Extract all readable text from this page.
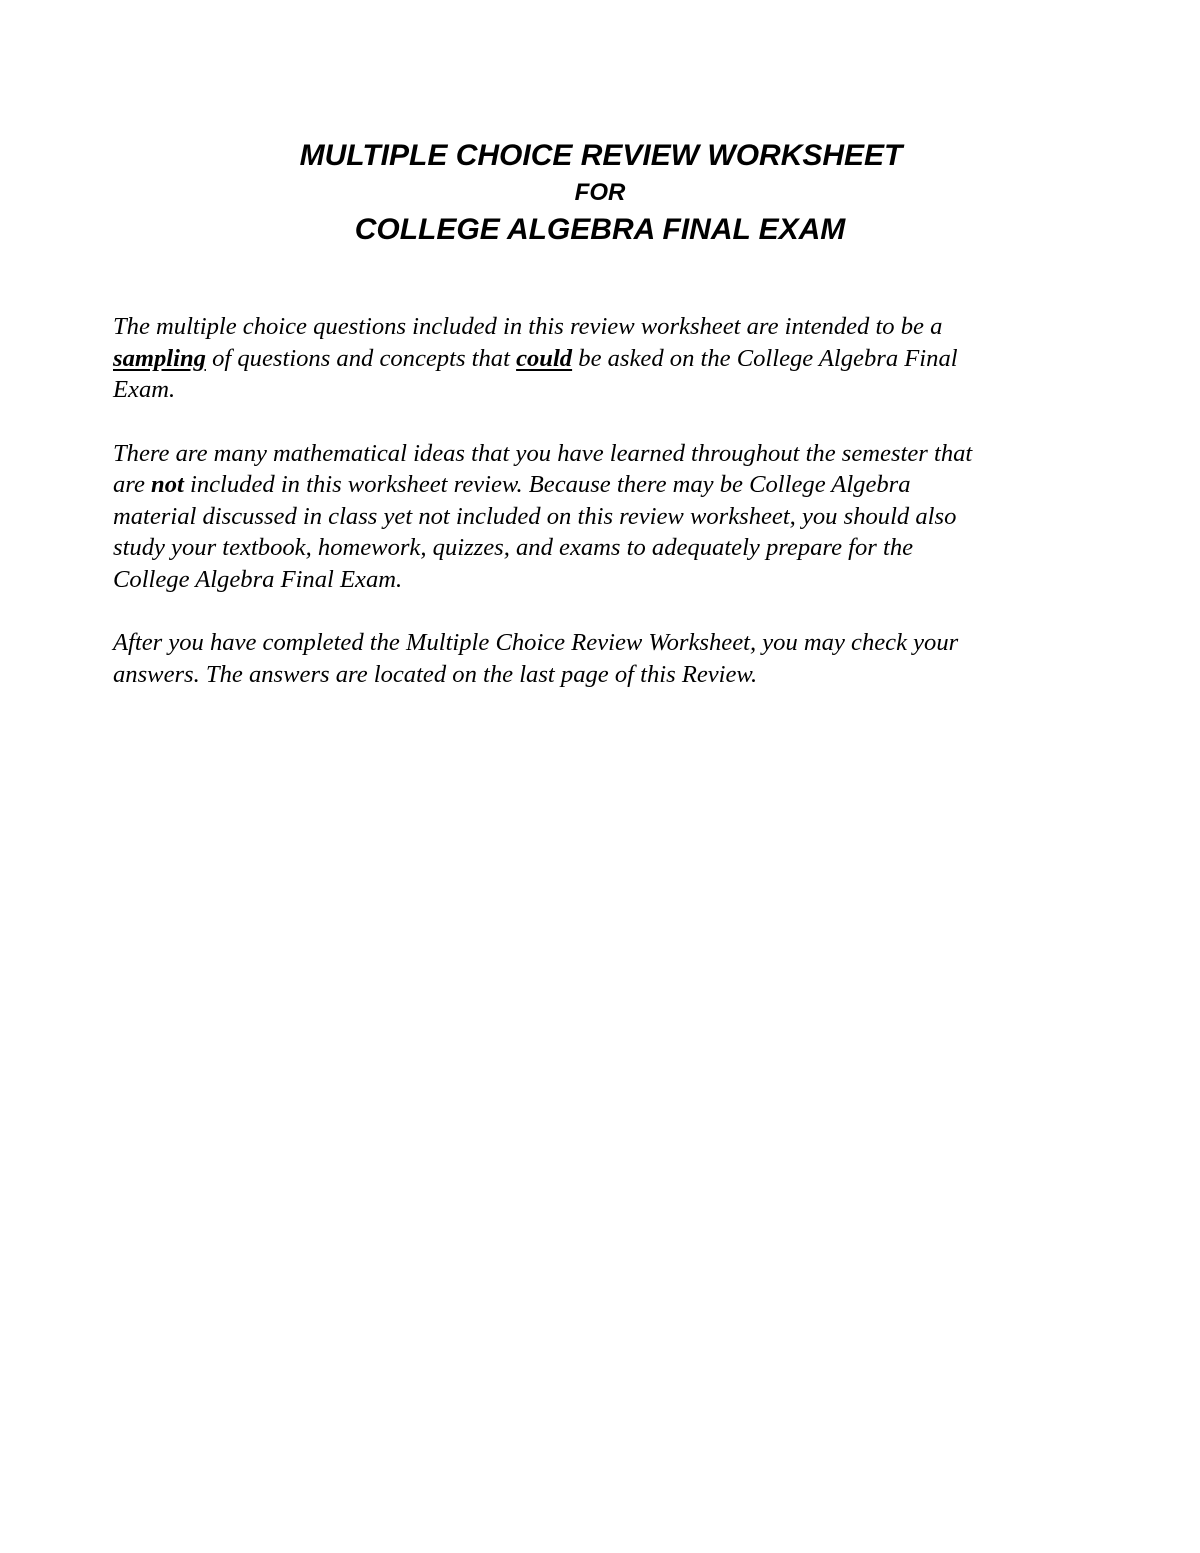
MULTIPLE CHOICE REVIEW WORKSHEET
FOR
COLLEGE ALGEBRA FINAL EXAM

The multiple choice questions included in this review worksheet are intended to be a
sampling of questions and concepts that could be asked on the College Algebra Final
Exam.

There are many mathematical ideas that you have learned throughout the semester that
are not included in this worksheet review. Because there may be College Algebra
material discussed in class yet not included on this review worksheet, you should also
study your textbook, homework, quizzes, and exams to adequately prepare for the
College Algebra Final Exam.

After you have completed the Multiple Choice Review Worksheet, you may check your
answers. The answers are located on the last page of this Review.
